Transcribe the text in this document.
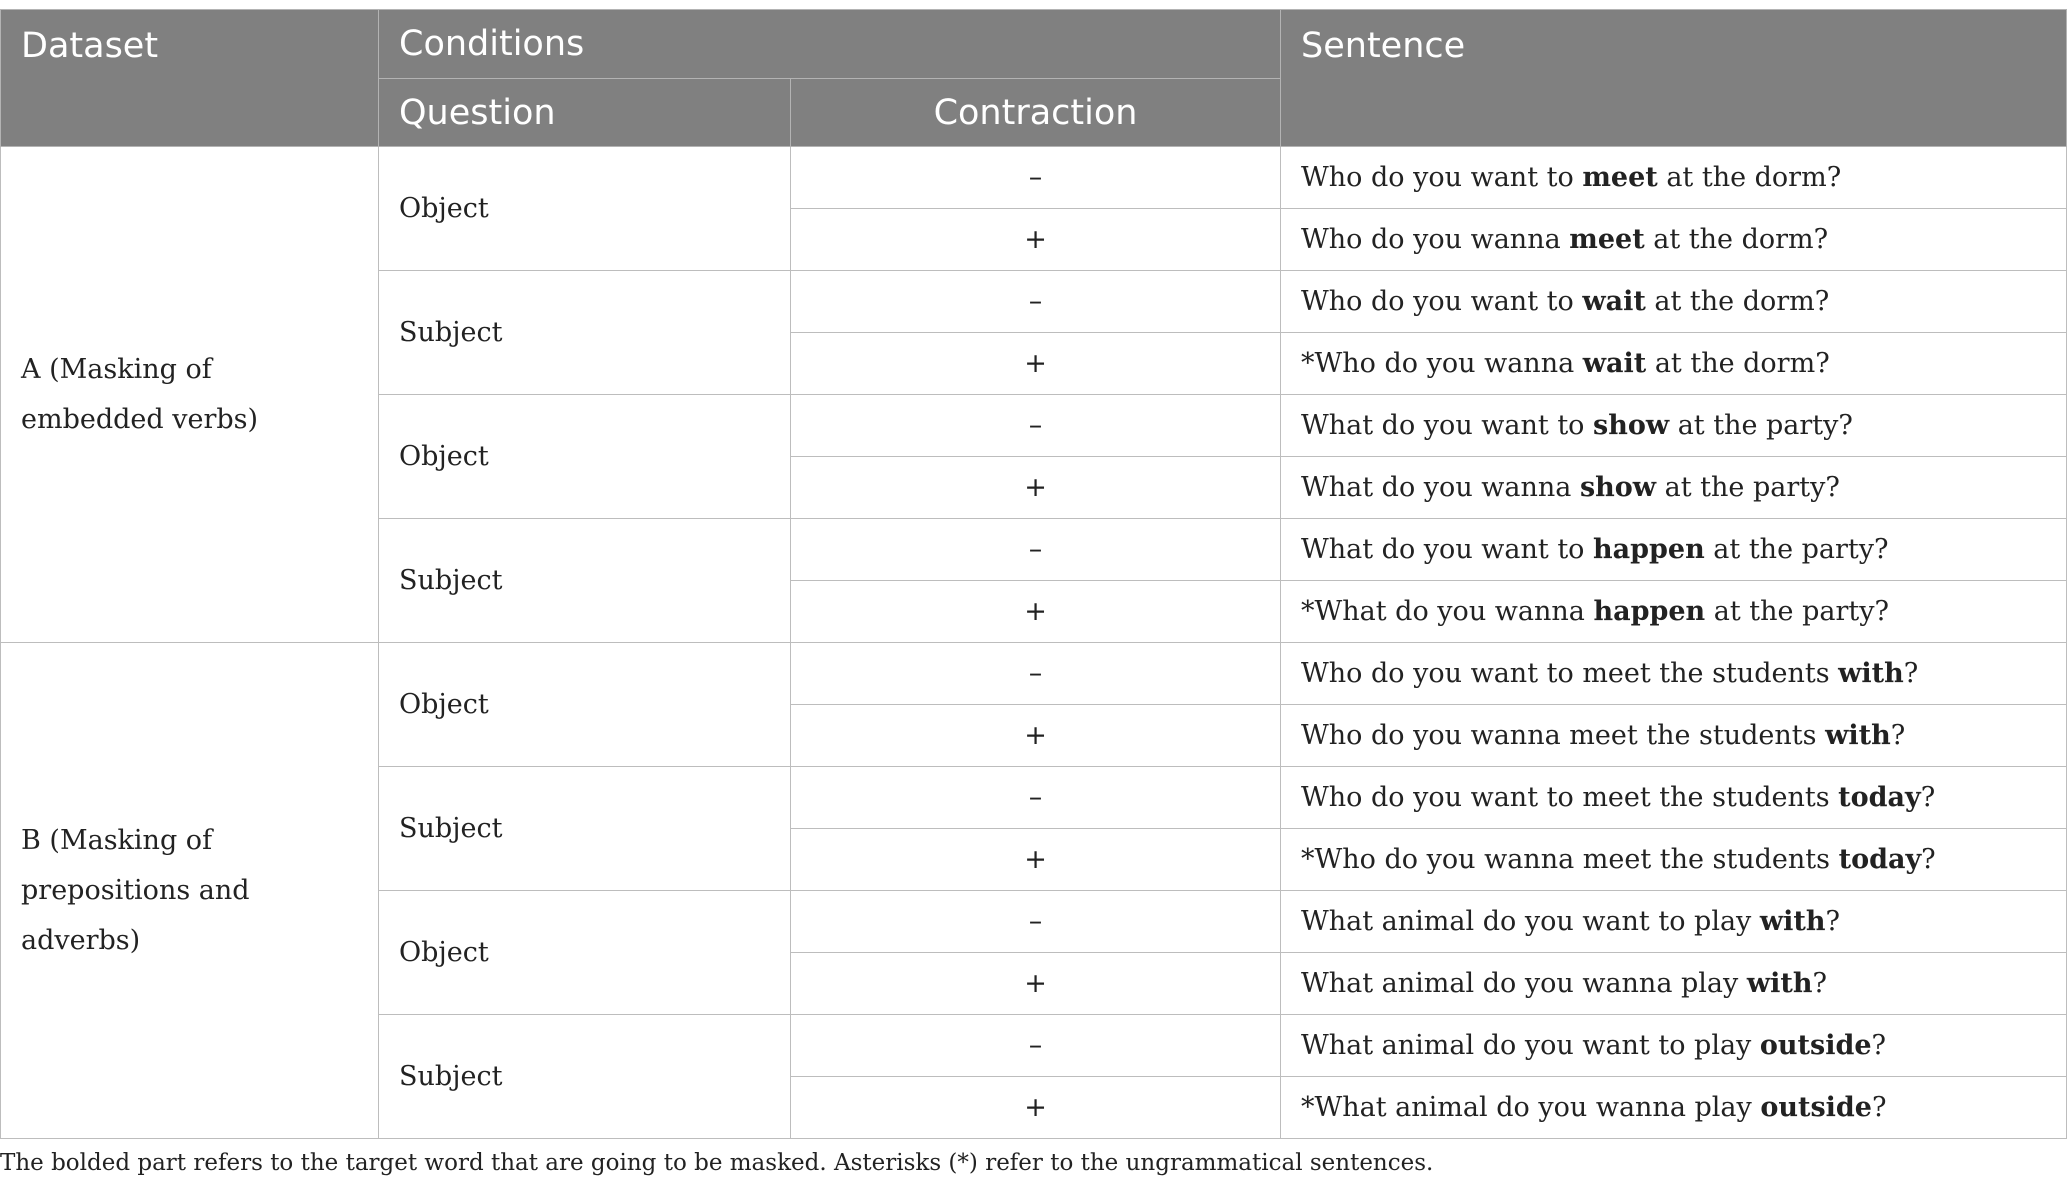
Dataset	Conditions		Sentence
	Question	Contraction	
A (Masking of embedded verbs)	Object	–	Who do you want to meet at the dorm?
		+	Who do you wanna meet at the dorm?
	Subject	–	Who do you want to wait at the dorm?
		+	*Who do you wanna wait at the dorm?
	Object	–	What do you want to show at the party?
		+	What do you wanna show at the party?
	Subject	–	What do you want to happen at the party?
		+	*What do you wanna happen at the party?
B (Masking of prepositions and adverbs)	Object	–	Who do you want to meet the students with?
		+	Who do you wanna meet the students with?
	Subject	–	Who do you want to meet the students today?
		+	*Who do you wanna meet the students today?
	Object	–	What animal do you want to play with?
		+	What animal do you wanna play with?
	Subject	–	What animal do you want to play outside?
		+	*What animal do you wanna play outside?
The bolded part refers to the target word that are going to be masked. Asterisks (*) refer to the ungrammatical sentences.
